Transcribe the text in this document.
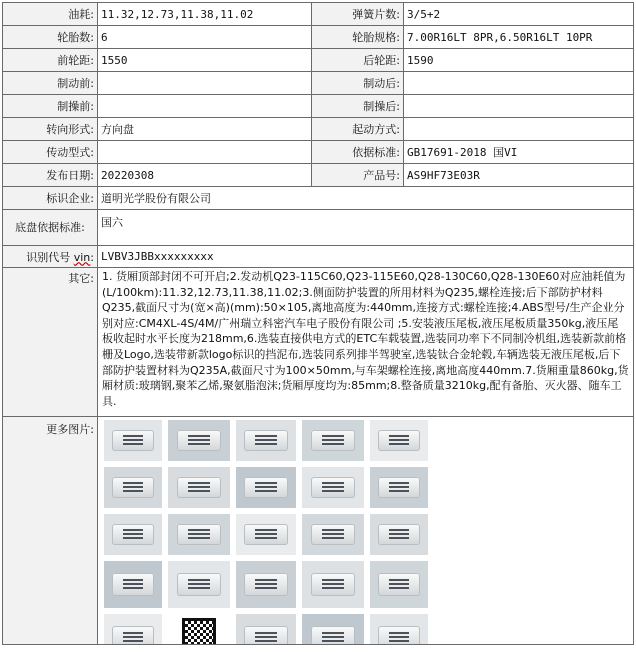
油耗:	11.32,12.73,11.38,11.02	弹簧片数:	3/5+2
轮胎数:	6	轮胎规格:	7.00R16LT 8PR,6.50R16LT 10PR
前轮距:	1550	后轮距:	1590
制动前:		制动后:	
制操前:		制操后:	
转向形式:	方向盘	起动方式:	
传动型式:		依据标准:	GB17691-2018 国VI
发布日期:	20220308	产品号:	AS9HF73E03R
标识企业:	道明光学股份有限公司		
底盘依据标准:	国六		
识别代号 vin:	LVBV3JBBxxxxxxxxx		
其它:	1. 货厢顶部封闭不可开启;2.发动机Q23-115C60,Q23-115E60,Q28-130C60,Q28-130E60对应油耗值为(L/100km):11.32,12.73,11.38,11.02;3.侧面防护装置的所用材料为Q235,螺栓连接;后下部防护材料Q235,截面尺寸为(宽×高)(mm):50×105,离地高度为:440mm,连接方式:螺栓连接;4.ABS型号/生产企业分别对应:CM4XL-4S/4M/广州瑞立科密汽车电子股份有限公司 ;5.安装液压尾板,液压尾板质量350kg,液压尾板收起时水平长度为218mm,6.选装直接供电方式的ETC车载装置,选装同功率下不同制冷机组,选装新款前格栅及Logo,选装带新款logo标识的挡泥布,选装同系列排半驾驶室,选装钛合金轮毂,车辆选装无液压尾板,后下部防护装置材料为Q235A,截面尺寸为100×50mm,与车架螺栓连接,离地高度440mm.7.货厢重量860kg,货厢材质:玻璃钢,聚苯乙烯,聚氨脂泡沫;货厢厚度均为:85mm;8.整备质量3210kg,配有备胎、灭火器、随车工具.		
更多图片:			
